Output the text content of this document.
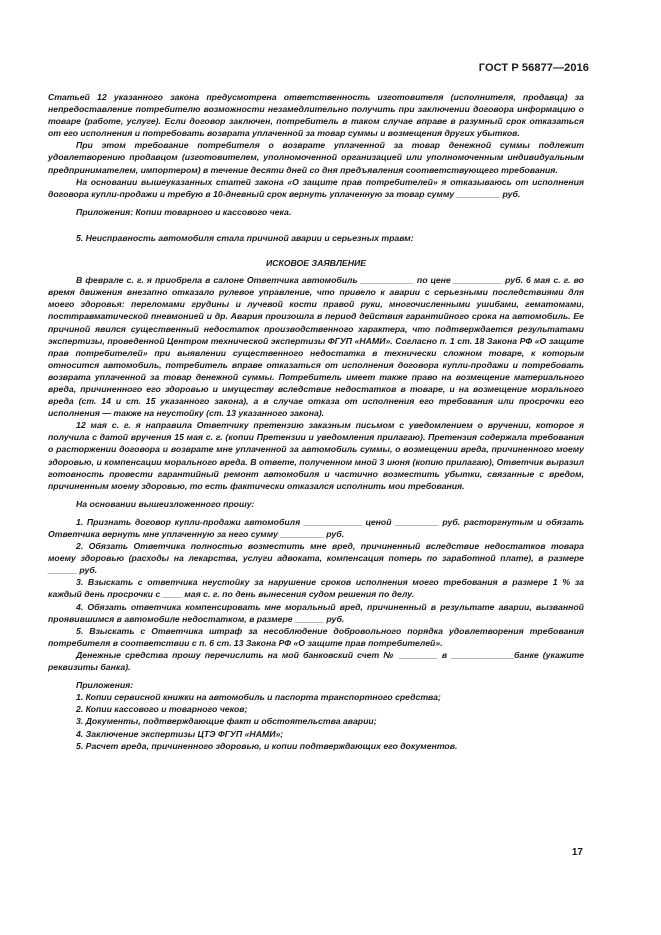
ГОСТ Р 56877—2016

Статьей 12 указанного закона предусмотрена ответственность изготовителя (исполнителя, продавца) за непредоставление потребителю возможности незамедлительно получить при заключении договора информацию о товаре (работе, услуге). Если договор заключен, потребитель в таком случае вправе в разумный срок отказаться от его исполнения и потребовать возврата уплаченной за товар суммы и возмещения других убытков.

При этом требование потребителя о возврате уплаченной за товар денежной суммы подлежит удовлетворению продавцом (изготовителем, уполномоченной организацией или уполномоченным индивидуальным предпринимателем, импортером) в течение десяти дней со дня предъявления соответствующего требования.

На основании вышеуказанных статей закона «О защите прав потребителей» я отказываюсь от исполнения договора купли-продажи и требую в 10-дневный срок вернуть уплаченную за товар сумму _________ руб.

Приложения: Копии товарного и кассового чека.

5. Неисправность автомобиля стала причиной аварии и серьезных травм:

ИСКОВОЕ ЗАЯВЛЕНИЕ

В феврале с. г. я приобрела в салоне Ответчика автомобиль ___________ по цене __________ руб. 6 мая с. г. во время движения внезапно отказало рулевое управление, что привело к аварии с серьезными последствиями для моего здоровья: переломами грудины и лучевой кости правой руки, многочисленными ушибами, гематомами, посттравматической пневмонией и др. Авария произошла в период действия гарантийного срока на автомобиль. Ее причиной явился существенный недостаток производственного характера, что подтверждается результатами экспертизы, проведенной Центром технической экспертизы ФГУП «НАМИ». Согласно п. 1 ст. 18 Закона РФ «О защите прав потребителей» при выявлении существенного недостатка в технически сложном товаре, к которым относится автомобиль, потребитель вправе отказаться от исполнения договора купли-продажи и потребовать возврата уплаченной за товар денежной суммы. Потребитель имеет также право на возмещение материального вреда, причиненного его здоровью и имуществу вследствие недостатков в товаре, и на возмещение морального вреда (ст. 14 и ст. 15 указанного закона), а в случае отказа от исполнения его требования или просрочки его исполнения — также на неустойку (ст. 13 указанного закона).

12 мая с. г. я направила Ответчику претензию заказным письмом с уведомлением о вручении, которое я получила с датой вручения 15 мая с. г. (копии Претензии и уведомления прилагаю). Претензия содержала требования о расторжении договора и возврате мне уплаченной за автомобиль суммы, о возмещении вреда, причиненного моему здоровью, и компенсации морального вреда. В ответе, полученном мной 3 июня (копию прилагаю), Ответчик выразил готовность провести гарантийный ремонт автомобиля и частично возместить убытки, связанные с вредом, причиненным моему здоровью, то есть фактически отказался исполнить мои требования.

На основании вышеизложенного прошу:

1. Признать договор купли-продажи автомобиля ____________ ценой _________ руб. расторгнутым и обязать Ответчика вернуть мне уплаченную за него сумму _________ руб.

2. Обязать Ответчика полностью возместить мне вред, причиненный вследствие недостатков товара моему здоровью (расходы на лекарства, услуги адвоката, компенсация потерь по заработной плате), в размере ______ руб.

3. Взыскать с ответчика неустойку за нарушение сроков исполнения моего требования в размере 1 % за каждый день просрочки с ____ мая с. г. по день вынесения судом решения по делу.

4. Обязать ответчика компенсировать мне моральный вред, причиненный в результате аварии, вызванной проявившимся в автомобиле недостатком, в размере ______ руб.

5. Взыскать с Ответчика штраф за несоблюдение добровольного порядка удовлетворения требования потребителя в соответствии с п. 6 ст. 13 Закона РФ «О защите прав потребителей».

Денежные средства прошу перечислить на мой банковский счет № ________ в _____________банке (укажите реквизиты банка).

Приложения:

1. Копии сервисной книжки на автомобиль и паспорта транспортного средства;

2. Копии кассового и товарного чеков;

3. Документы, подтверждающие факт и обстоятельства аварии;

4. Заключение экспертизы ЦТЭ ФГУП «НАМИ»;

5. Расчет вреда, причиненного здоровью, и копии подтверждающих его документов.

17
